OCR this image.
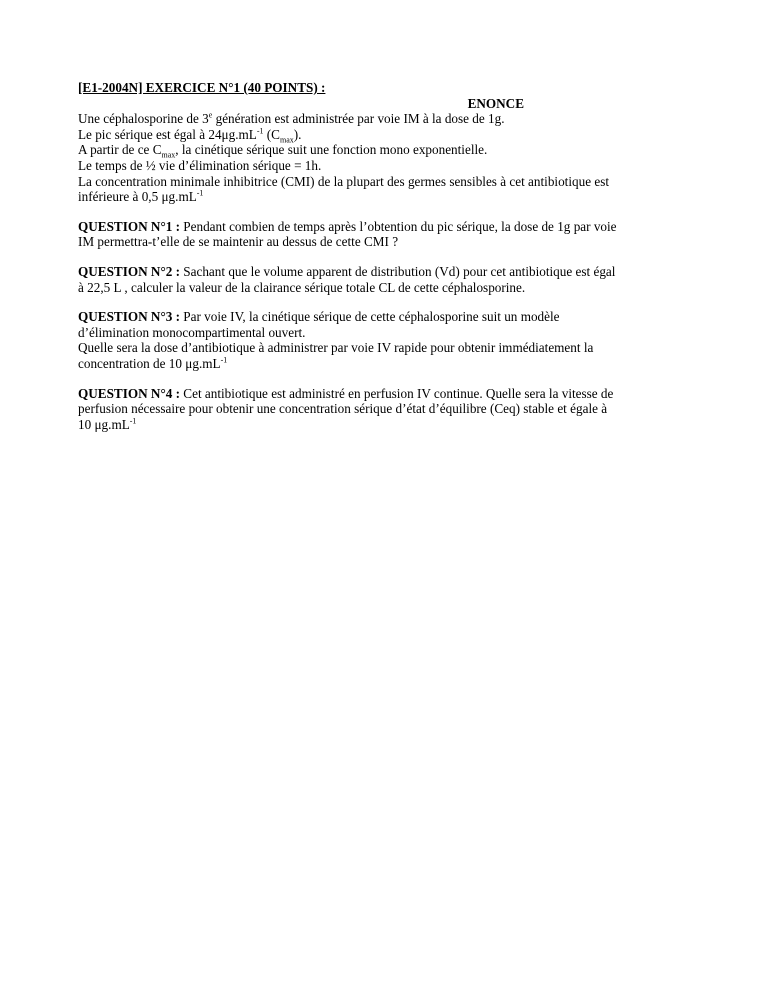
[E1-2004N] EXERCICE N°1 (40 POINTS) :

ENONCE

Une céphalosporine de 3e génération est administrée par voie IM à la dose de 1g.

Le pic sérique est égal à $24\mu g.mL^{-1}$ $(C_{max})$.

A partir de ce $C_{max}$, la cinétique sérique suit une fonction mono exponentielle.

Le temps de ½ vie d’élimination sérique = 1h.

La concentration minimale inhibitrice (CMI) de la plupart des germes sensibles à cet antibiotique est

inférieure à 0,5 $\mu g.mL^{-1}$

QUESTION N°1 : Pendant combien de temps après l’obtention du pic sérique, la dose de 1g par voie

IM permettra-t’elle de se maintenir au dessus de cette CMI ?

QUESTION N°2 : Sachant que le volume apparent de distribution (Vd) pour cet antibiotique est égal

à 22,5 L , calculer la valeur de la clairance sérique totale CL de cette céphalosporine.

QUESTION N°3 : Par voie IV, la cinétique sérique de cette céphalosporine suit un modèle

d’élimination monocompartimental ouvert.

Quelle sera la dose d’antibiotique à administrer par voie IV rapide pour obtenir immédiatement la

concentration de 10 $\mu g.mL^{-1}$

QUESTION N°4 : Cet antibiotique est administré en perfusion IV continue. Quelle sera la vitesse de

perfusion nécessaire pour obtenir une concentration sérique d’état d’équilibre (Ceq) stable et égale à

10 $\mu g.mL^{-1}$
